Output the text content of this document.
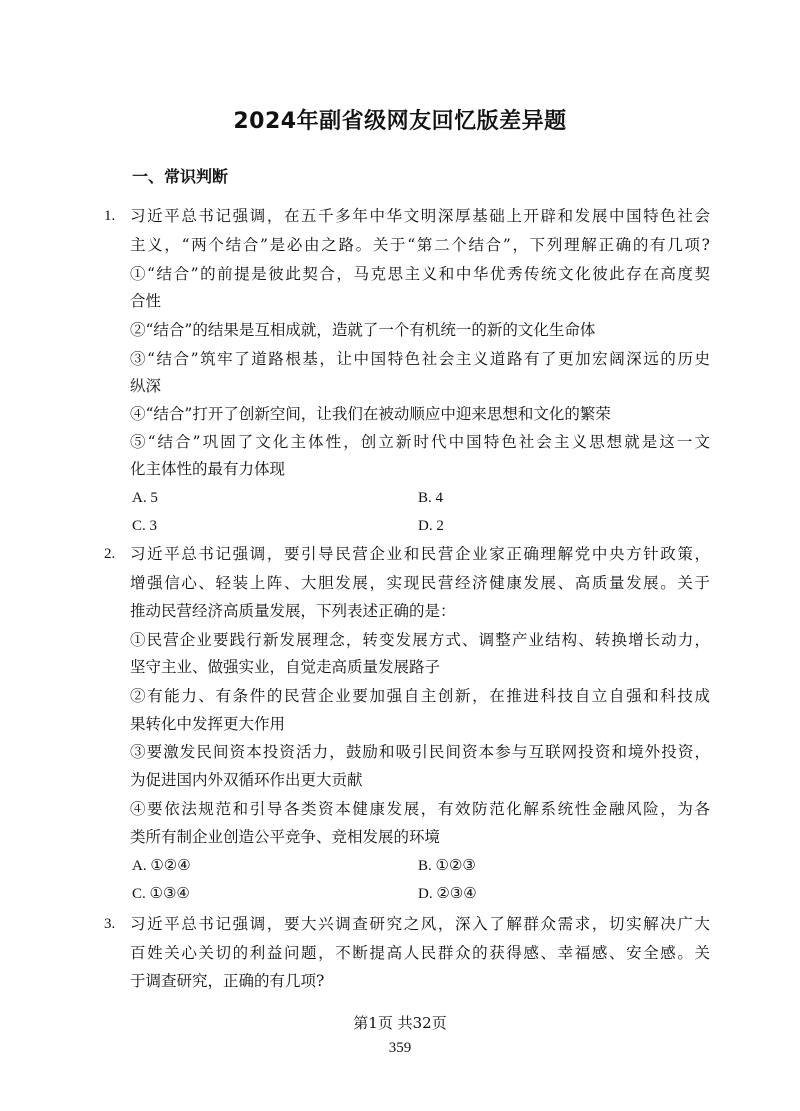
2024年副省级网友回忆版差异题
一、常识判断
1. 习近平总书记强调，在五千多年中华文明深厚基础上开辟和发展中国特色社会
主义，“两个结合”是必由之路。关于“第二个结合”，下列理解正确的有几项?
①“结合”的前提是彼此契合，马克思主义和中华优秀传统文化彼此存在高度契
合性
②“结合”的结果是互相成就，造就了一个有机统一的新的文化生命体
③“结合”筑牢了道路根基，让中国特色社会主义道路有了更加宏阔深远的历史
纵深
④“结合”打开了创新空间，让我们在被动顺应中迎来思想和文化的繁荣
⑤“结合”巩固了文化主体性，创立新时代中国特色社会主义思想就是这一文
化主体性的最有力体现
A. 5	B. 4
C. 3	D. 2
2. 习近平总书记强调，要引导民营企业和民营企业家正确理解党中央方针政策，
增强信心、轻装上阵、大胆发展，实现民营经济健康发展、高质量发展。关于
推动民营经济高质量发展，下列表述正确的是：
①民营企业要践行新发展理念，转变发展方式、调整产业结构、转换增长动力，
坚守主业、做强实业，自觉走高质量发展路子
②有能力、有条件的民营企业要加强自主创新，在推进科技自立自强和科技成
果转化中发挥更大作用
③要激发民间资本投资活力，鼓励和吸引民间资本参与互联网投资和境外投资，
为促进国内外双循环作出更大贡献
④要依法规范和引导各类资本健康发展，有效防范化解系统性金融风险，为各
类所有制企业创造公平竞争、竞相发展的环境
A. ①②④	B. ①②③
C. ①③④	D. ②③④
3. 习近平总书记强调，要大兴调查研究之风，深入了解群众需求，切实解决广大
百姓关心关切的利益问题，不断提高人民群众的获得感、幸福感、安全感。关
于调查研究，正确的有几项?
第1页 共32页
359
